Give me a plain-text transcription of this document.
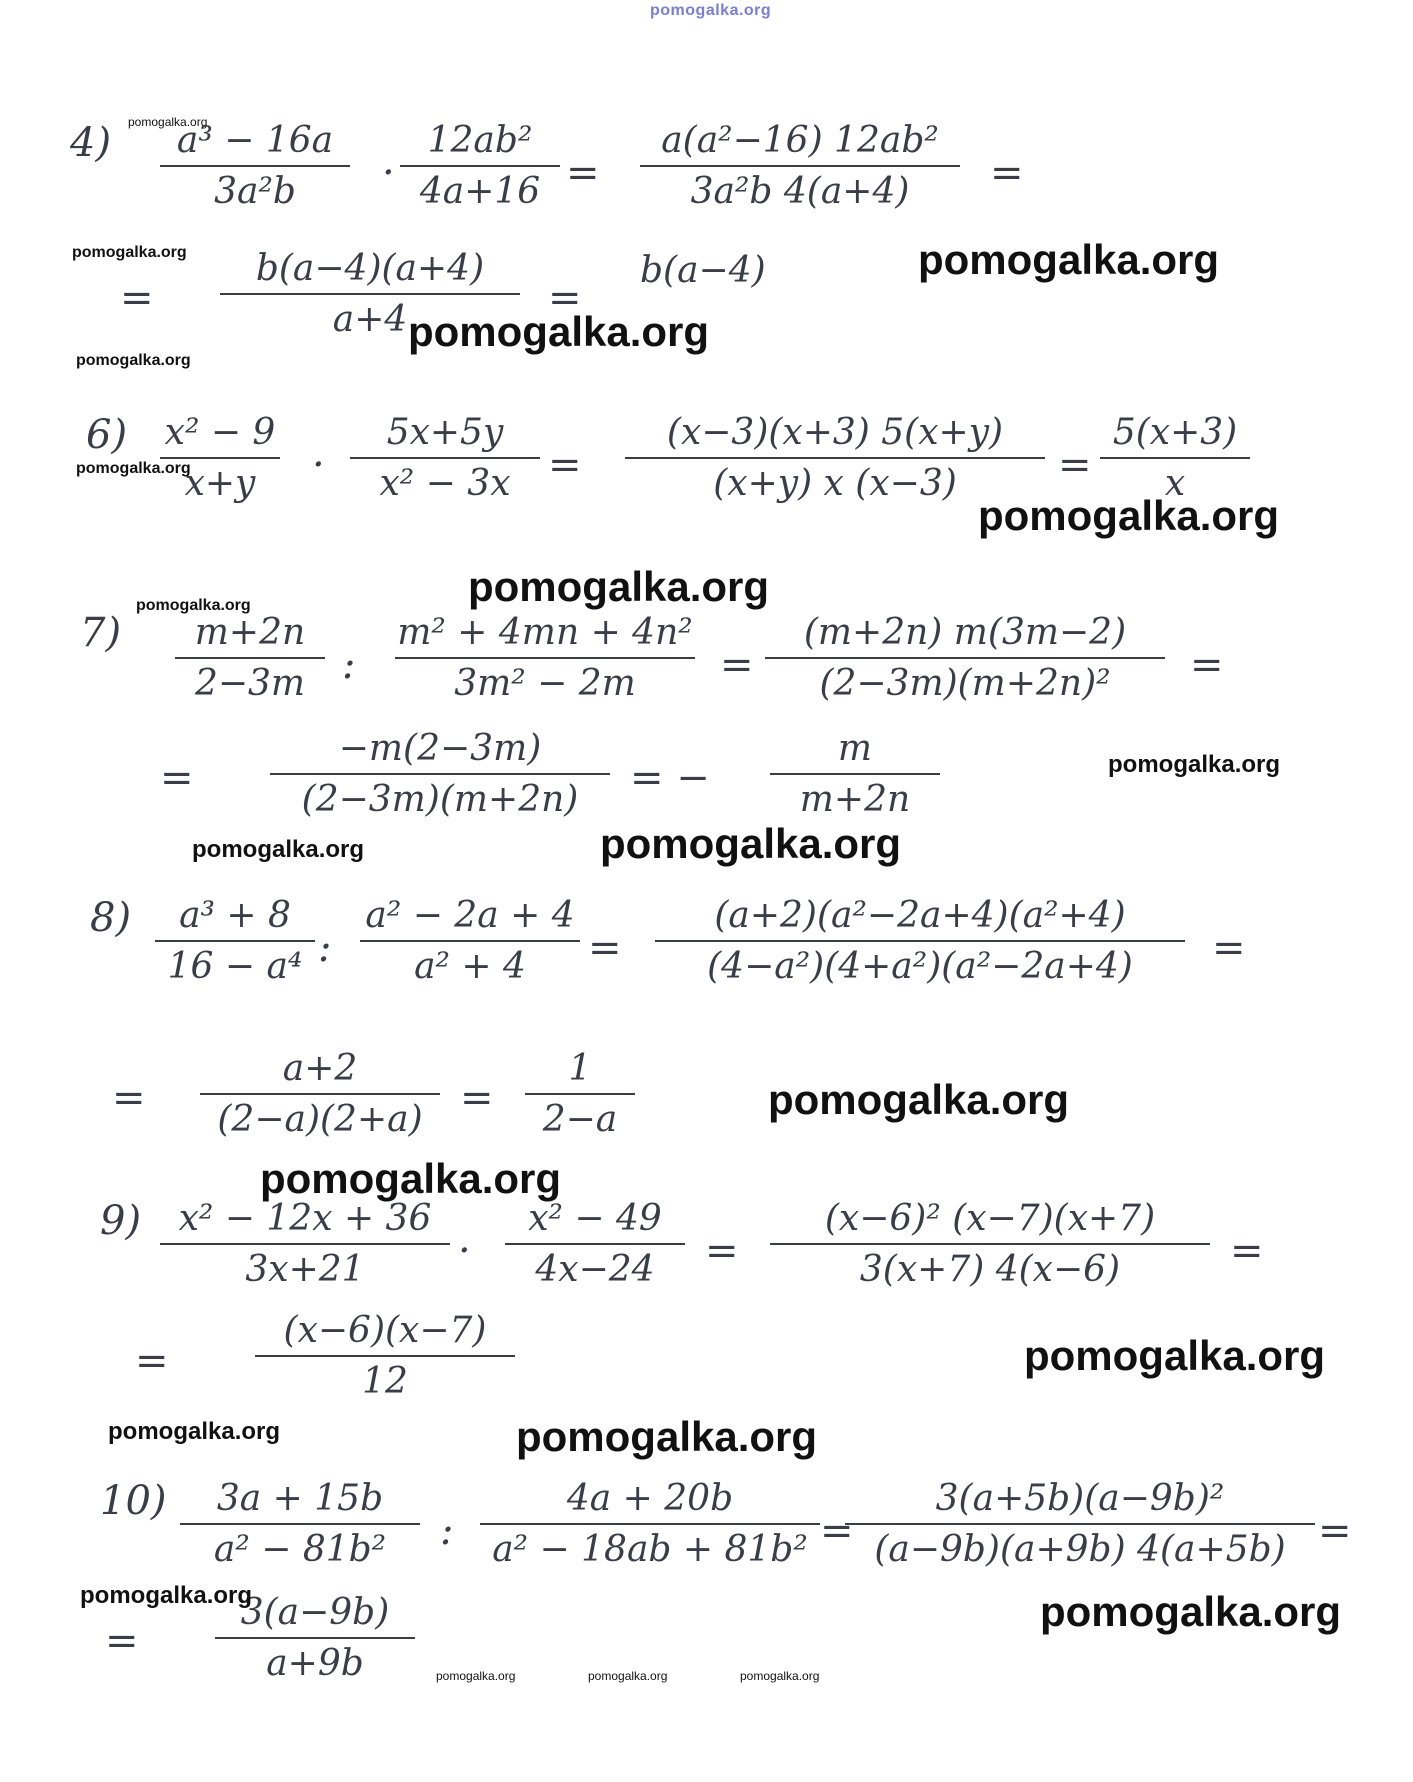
pomogalka.org
4)	a³ − 16a
3a²b	·
12ab²
4a+16 =
a(a²−16) 12ab²
3a²b 4(a+4)	=
=
b(a−4)(a+4)
a+4	=
b(a−4)
6) x² − 9
x+y	·
5x+5y
x² − 3x =
(x−3)(x+3) 5(x+y)
(x+y) x (x−3)	=
5(x+3)
x
7)	m+2n
2−3m :
m² + 4mn + 4n²
3m² − 2m	=
(m+2n) m(3m−2)
(2−3m)(m+2n)²	=
=
−m(2−3m)
(2−3m)(m+2n)	= −
m
m+2n
8)	a³ + 8
16 − a⁴ :
a² − 2a + 4
a² + 4	=
(a+2)(a²−2a+4)(a²+4)
(4−a²)(4+a²)(a²−2a+4)	=
=
a+2
(2−a)(2+a) =
1
2−a
9)	x² − 12x + 36
3x+21	·
x² − 49
4x−24	=
(x−6)² (x−7)(x+7)
3(x+7) 4(x−6)	=
=
(x−6)(x−7)
12
10)	3a + 15b
a² − 81b²	:
4a + 20b
a² − 18ab + 81b² =
3(a+5b)(a−9b)²
(a−9b)(a+9b) 4(a+5b) =
=
3(a−9b)
a+9b
pomogalka.org
pomogalka.org	pomogalka.org
pomogalka.org
pomogalka.org
pomogalka.org
pomogalka.org
pomogalka.org
pomogalka.org
pomogalka.org
pomogalka.org	pomogalka.org
pomogalka.org
pomogalka.org
pomogalka.org
pomogalka.org	pomogalka.org
pomogalka.org	pomogalka.org
pomogalka.org	pomogalka.org	pomogalka.org
